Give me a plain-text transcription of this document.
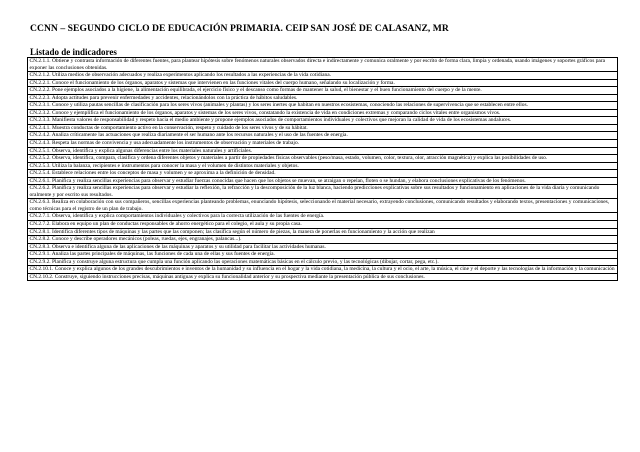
CCNN – SEGUNDO CICLO DE EDUCACIÓN PRIMARIA. CEIP SAN JOSÉ DE CALASANZ, MR
Listado de indicadores
CN.2.1.1. Obtiene y contrasta información de diferentes fuentes, para plantear hipótesis sobre fenómenos naturales observados directa e indirectamente y comunica oralmente y por escrito de forma clara, limpia y ordenada, usando imágenes y soportes gráficos para exponer las conclusiones obtenidas.
CN.2.1.2. Utiliza medios de observación adecuados y realiza experimentos aplicando los resultados a las experiencias de la vida cotidiana.
CN.2.2.1. Conoce el funcionamiento de los órganos, aparatos y sistemas que intervienen en las funciones vitales del cuerpo humano, señalando su localización y forma.
CN.2.2.2. Pone ejemplos asociados a la higiene, la alimentación equilibrada, el ejercicio físico y el descanso como formas de mantener la salud, el bienestar y el buen funcionamiento del cuerpo y de la mente.
CN.2.2.3. Adopta actitudes para prevenir enfermedades y accidentes, relacionándolos con la práctica de hábitos saludables.
CN.2.3.1. Conoce y utiliza pautas sencillas de clasificación para los seres vivos (animales y plantas) y los seres inertes que habitan en nuestros ecosistemas, conociendo las relaciones de supervivencia que se establecen entre ellos.
CN.2.3.2. Conoce y ejemplifica el funcionamiento de los órganos, aparatos y sistemas de los seres vivos, constatando la existencia de vida en condiciones extremas y comparando ciclos vitales entre organismos vivos.
CN.2.3.3. Manifiesta valores de responsabilidad y respeto hacia el medio ambiente y propone ejemplos asociados de comportamientos individuales y colectivos que mejoran la calidad de vida de los ecosistemas andaluces.
CN.2.4.1. Muestra conductas de comportamiento activo en la conservación, respeto y cuidado de los seres vivos y de su hábitat.
CN.2.4.2. Analiza críticamente las actuaciones que realiza diariamente el ser humano ante los recursos naturales y el uso de las fuentes de energía.
CN.2.4.3. Respeta las normas de convivencia y usa adecuadamente los instrumentos de observación y materiales de trabajo.
CN.2.5.1. Observa, identifica y explica algunas diferencias entre los materiales naturales y artificiales.
CN.2.5.2. Observa, identifica, compara, clasifica y ordena diferentes objetos y materiales a partir de propiedades físicas observables (peso/masa, estado, volumen, color, textura, olor, atracción magnética) y explica las posibilidades de uso.
CN.2.5.3. Utiliza la balanza, recipientes e instrumentos para conocer la masa y el volumen de distintos materiales y objetos.
CN.2.5.4. Establece relaciones entre los conceptos de masa y volumen y se aproxima a la definición de densidad.
CN.2.6.1. Planifica y realiza sencillas experiencias para observar y estudiar fuerzas conocidas que hacen que los objetos se muevan, se atraigan o repelan, floten o se hundan, y elabora conclusiones explicativas de los fenómenos.
CN.2.6.2. Planifica y realiza sencillas experiencias para observar y estudiar la reflexión, la refracción y la descomposición de la luz blanca, haciendo predicciones explicativas sobre sus resultados y funcionamiento en aplicaciones de la vida diaria y comunicando oralmente y por escrito sus resultados.
CN.2.6.3. Realiza en colaboración con sus compañeros, sencillas experiencias planteando problemas, enunciando hipótesis, seleccionando el material necesario, extrayendo conclusiones, comunicando resultados y elaborando textos, presentaciones y comunicaciones, como técnicas para el registro de un plan de trabajo.
CN.2.7.1. Observa, identifica y explica comportamientos individuales y colectivos para la correcta utilización de las fuentes de energía.
CN.2.7.2. Elabora en equipo un plan de conductas responsables de ahorro energético para el colegio, el aula y su propia casa.
CN.2.8.1. Identifica diferentes tipos de máquinas y las partes que las componen; las clasifica según el número de piezas, la manera de ponerlas en funcionamiento y la acción que realizan
CN.2.8.2. Conoce y describe operadores mecánicos (poleas, ruedas, ejes, engranajes, palancas...).
CN.2.8.3. Observa e identifica alguna de las aplicaciones de las máquinas y aparatos y su utilidad para facilitar las actividades humanas.
CN.2.9.1. Analiza las partes principales de máquinas, las funciones de cada una de ellas y sus fuentes de energía.
CN.2.9.2. Planifica y construye alguna estructura que cumpla una función aplicando las operaciones matemáticas básicas en el cálculo previo, y las tecnológicas (dibujar, cortar, pega, etc.).
CN.2.10.1. Conoce y explica algunos de los grandes descubrimientos e inventos de la humanidad y su influencia en el hogar y la vida cotidiana, la medicina, la cultura y el ocio, el arte, la música, el cine y el deporte y las tecnologías de la información y la comunicación
CN.2.10.2. Construye, siguiendo instrucciones precisas, máquinas antiguas y explica su funcionalidad anterior y su prospectiva mediante la presentación pública de sus conclusiones.
